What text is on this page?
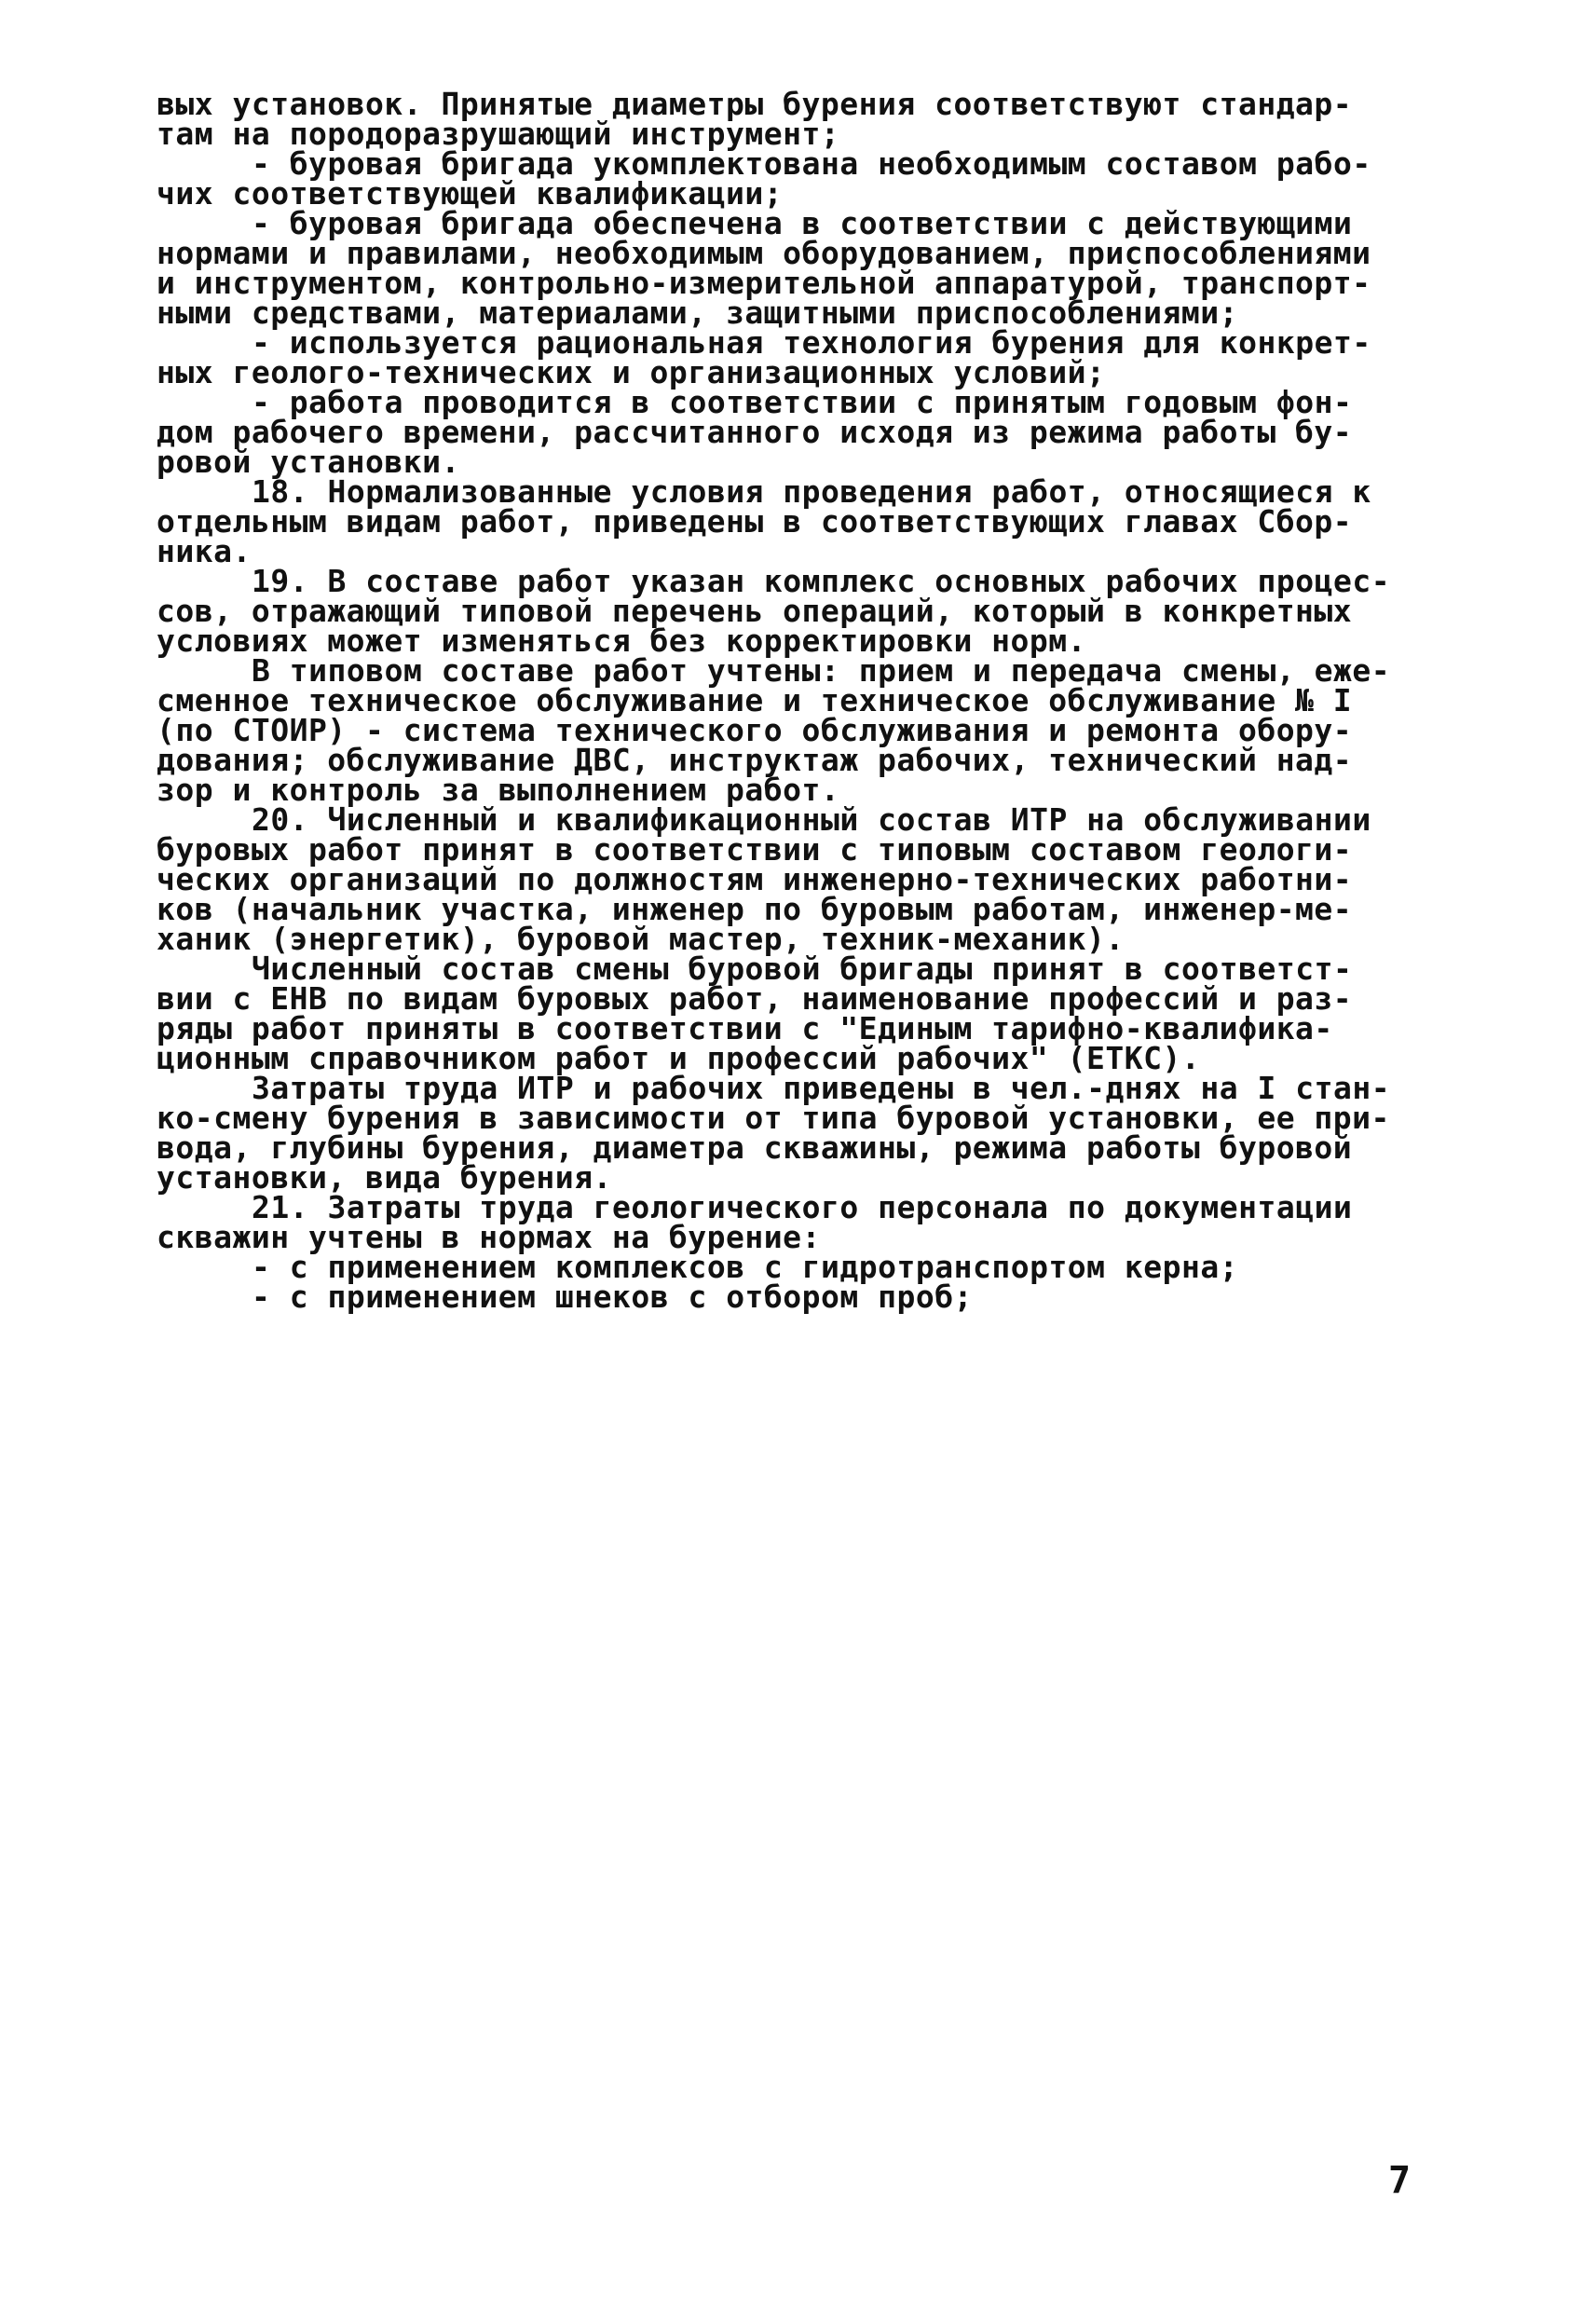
вых установок. Принятые диаметры бурения соответствуют стандар-
там на породоразрушающий инструмент;
- буровая бригада укомплектована необходимым составом рабо-
чих соответствующей квалификации;
- буровая бригада обеспечена в соответствии с действующими
нормами и правилами, необходимым оборудованием, приспособлениями
и инструментом, контрольно-измерительной аппаратурой, транспорт-
ными средствами, материалами, защитными приспособлениями;
- используется рациональная технология бурения для конкрет-
ных геолого-технических и организационных условий;
- работа проводится в соответствии с принятым годовым фон-
дом рабочего времени, рассчитанного исходя из режима работы бу-
ровой установки.
18. Нормализованные условия проведения работ, относящиеся к
отдельным видам работ, приведены в соответствующих главах Сбор-
ника.
19. В составе работ указан комплекс основных рабочих процес-
сов, отражающий типовой перечень операций, который в конкретных
условиях может изменяться без корректировки норм.
В типовом составе работ учтены: прием и передача смены, еже-
сменное техническое обслуживание и техническое обслуживание № I
(по СТОИР) - система технического обслуживания и ремонта обору-
дования; обслуживание ДВС, инструктаж рабочих, технический над-
зор и контроль за выполнением работ.
20. Численный и квалификационный состав ИТР на обслуживании
буровых работ принят в соответствии с типовым составом геологи-
ческих организаций по должностям инженерно-технических работни-
ков (начальник участка, инженер по буровым работам, инженер-ме-
ханик (энергетик), буровой мастер, техник-механик).
Численный состав смены буровой бригады принят в соответст-
вии с ЕНВ по видам буровых работ, наименование профессий и раз-
ряды работ приняты в соответствии с "Единым тарифно-квалифика-
ционным справочником работ и профессий рабочих" (ЕТКС).
Затраты труда ИТР и рабочих приведены в чел.-днях на I стан-
ко-смену бурения в зависимости от типа буровой установки, ее при-
вода, глубины бурения, диаметра скважины, режима работы буровой
установки, вида бурения.
21. Затраты труда геологического персонала по документации
скважин учтены в нормах на бурение:
- с применением комплексов с гидротранспортом керна;
- с применением шнеков с отбором проб;
7
